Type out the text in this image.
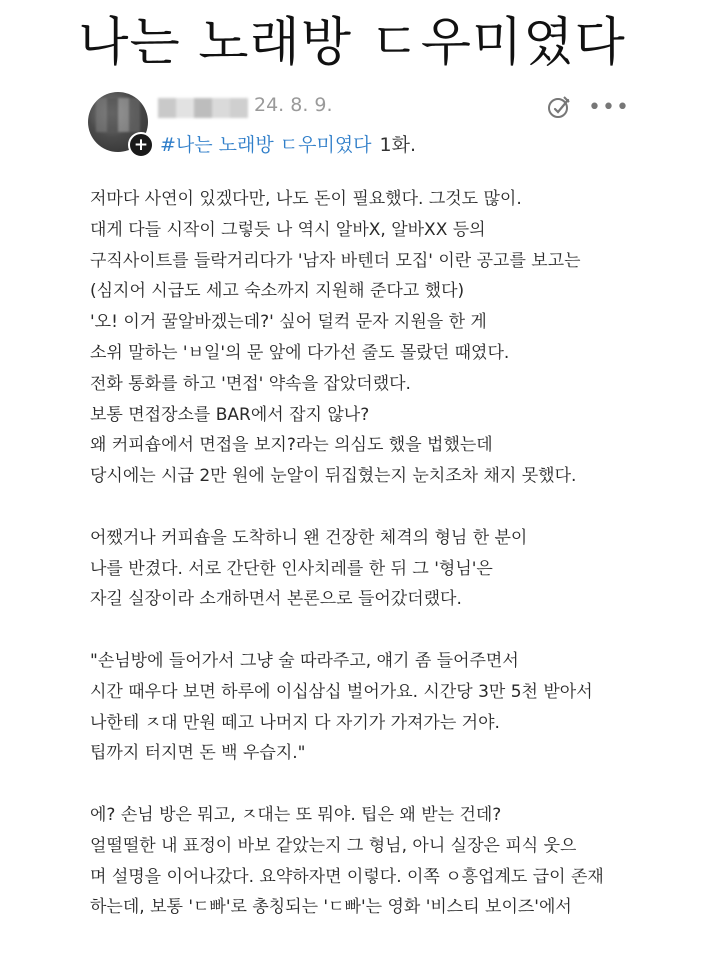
나는 노래방 ㄷ우미였다
+
24. 8. 9.	•••
#나는 노래방 ㄷ우미였다 1화.
저마다 사연이 있겠다만, 나도 돈이 필요했다. 그것도 많이.
대게 다들 시작이 그렇듯 나 역시 알바X, 알바XX 등의
구직사이트를 들락거리다가 '남자 바텐더 모집' 이란 공고를 보고는
(심지어 시급도 세고 숙소까지 지원해 준다고 했다)
'오! 이거 꿀알바겠는데?' 싶어 덜컥 문자 지원을 한 게
소위 말하는 'ㅂ일'의 문 앞에 다가선 줄도 몰랐던 때였다.
전화 통화를 하고 '면접' 약속을 잡았더랬다.
보통 면접장소를 BAR에서 잡지 않나?
왜 커피숍에서 면접을 보지?라는 의심도 했을 법했는데
당시에는 시급 2만 원에 눈알이 뒤집혔는지 눈치조차 채지 못했다.
어쨌거나 커피숍을 도착하니 왠 건장한 체격의 형님 한 분이
나를 반겼다. 서로 간단한 인사치레를 한 뒤 그 '형님'은
자길 실장이라 소개하면서 본론으로 들어갔더랬다.
"손님방에 들어가서 그냥 술 따라주고, 얘기 좀 들어주면서
시간 때우다 보면 하루에 이십삼십 벌어가요. 시간당 3만 5천 받아서
나한테 ㅈ대 만원 떼고 나머지 다 자기가 가져가는 거야.
팁까지 터지면 돈 백 우습지."
에? 손님 방은 뭐고, ㅈ대는 또 뭐야. 팁은 왜 받는 건데?
얼떨떨한 내 표정이 바보 같았는지 그 형님, 아니 실장은 피식 웃으
며 설명을 이어나갔다. 요약하자면 이렇다. 이쪽 ㅇ흥업계도 급이 존재
하는데, 보통 'ㄷ빠'로 총칭되는 'ㄷ빠'는 영화 '비스티 보이즈'에서
